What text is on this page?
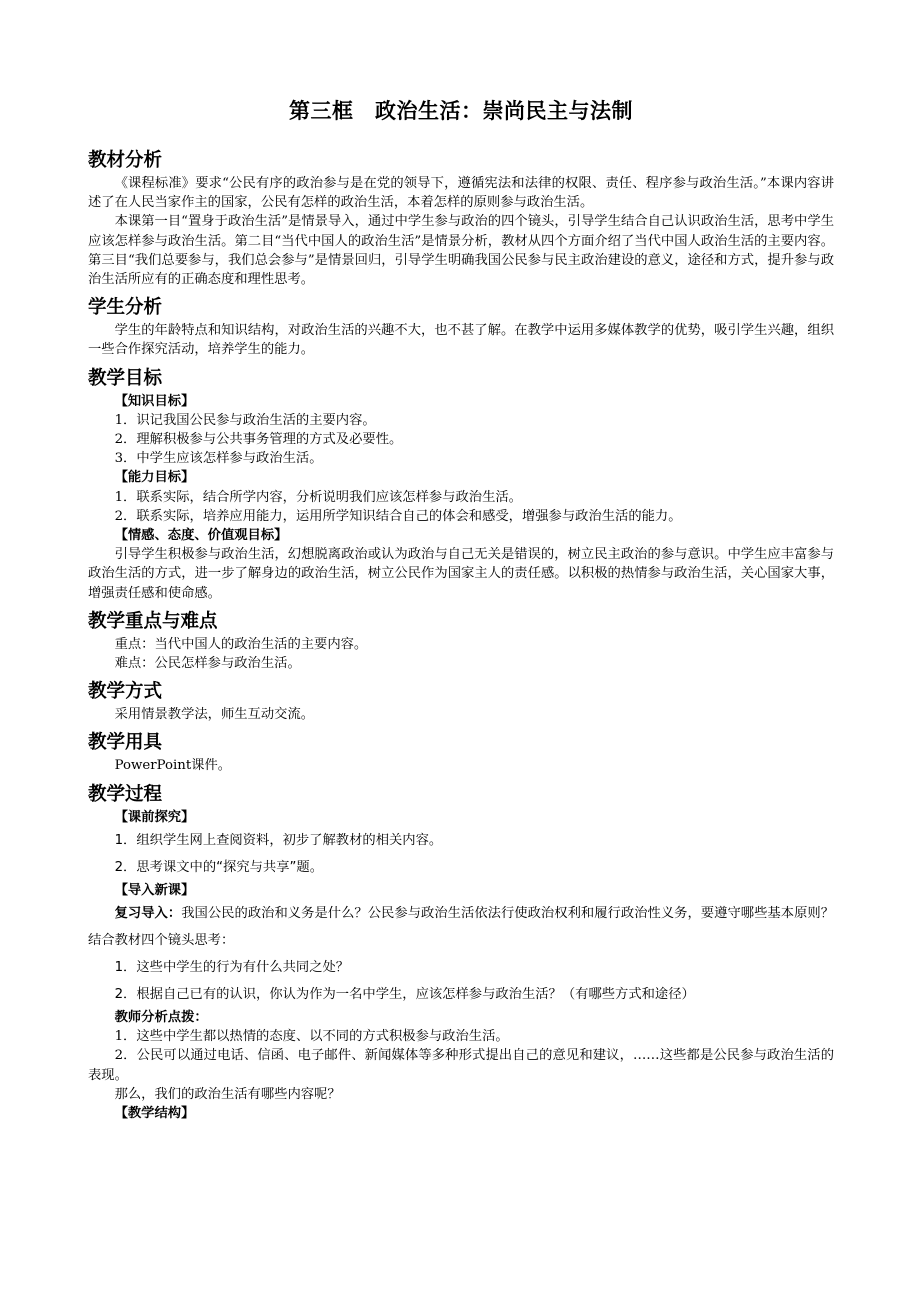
第三框　政治生活：崇尚民主与法制
教材分析

《课程标准》要求“公民有序的政治参与是在党的领导下，遵循宪法和法律的权限、责任、程序参与政治生活。”本课内容讲述了在人民当家作主的国家，公民有怎样的政治生活，本着怎样的原则参与政治生活。

本课第一目“置身于政治生活”是情景导入，通过中学生参与政治的四个镜头，引导学生结合自己认识政治生活，思考中学生应该怎样参与政治生活。第二目“当代中国人的政治生活”是情景分析，教材从四个方面介绍了当代中国人政治生活的主要内容。第三目“我们总要参与，我们总会参与”是情景回归，引导学生明确我国公民参与民主政治建设的意义，途径和方式，提升参与政治生活所应有的正确态度和理性思考。

学生分析

学生的年龄特点和知识结构，对政治生活的兴趣不大，也不甚了解。在教学中运用多媒体教学的优势，吸引学生兴趣，组织一些合作探究活动，培养学生的能力。

教学目标
【知识目标】

1．识记我国公民参与政治生活的主要内容。

2．理解积极参与公共事务管理的方式及必要性。

3．中学生应该怎样参与政治生活。

【能力目标】

1．联系实际，结合所学内容，分析说明我们应该怎样参与政治生活。

2．联系实际，培养应用能力，运用所学知识结合自己的体会和感受，增强参与政治生活的能力。

【情感、态度、价值观目标】

引导学生积极参与政治生活，幻想脱离政治或认为政治与自己无关是错误的，树立民主政治的参与意识。中学生应丰富参与政治生活的方式，进一步了解身边的政治生活，树立公民作为国家主人的责任感。以积极的热情参与政治生活，关心国家大事，增强责任感和使命感。

教学重点与难点

重点：当代中国人的政治生活的主要内容。

难点：公民怎样参与政治生活。

教学方式

采用情景教学法，师生互动交流。

教学用具

PowerPoint课件。

教学过程
【课前探究】

1．组织学生网上查阅资料，初步了解教材的相关内容。

2．思考课文中的“探究与共享”题。

【导入新课】

复习导入：我国公民的政治和义务是什么？公民参与政治生活依法行使政治权利和履行政治性义务，要遵守哪些基本原则？结合教材四个镜头思考：

1．这些中学生的行为有什么共同之处？

2．根据自己已有的认识，你认为作为一名中学生，应该怎样参与政治生活？（有哪些方式和途径）

教师分析点拨：

1．这些中学生都以热情的态度、以不同的方式积极参与政治生活。

2．公民可以通过电话、信函、电子邮件、新闻媒体等多种形式提出自己的意见和建议，……这些都是公民参与政治生活的表现。

那么，我们的政治生活有哪些内容呢？

【教学结构】
